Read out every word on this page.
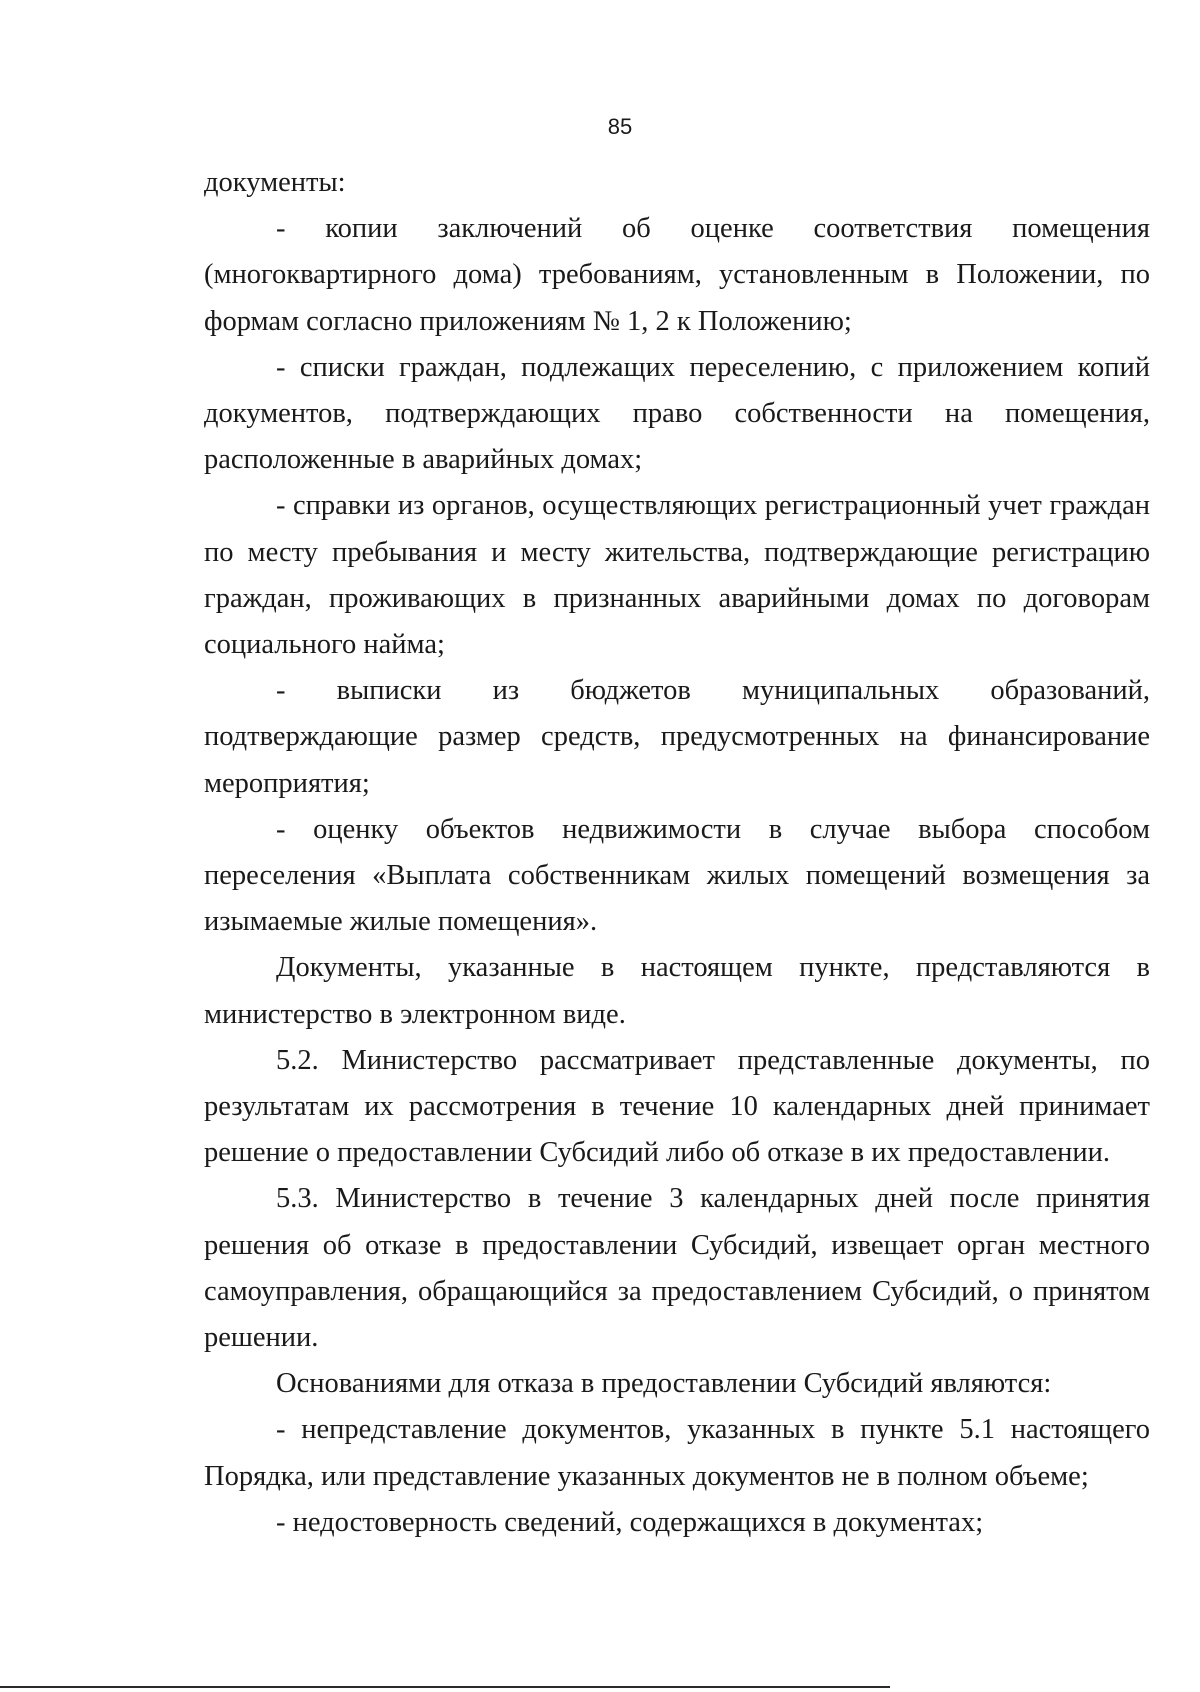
85

документы:

- копии заключений об оценке соответствия помещения (многоквартирного дома) требованиям, установленным в Положении, по формам согласно приложениям № 1, 2 к Положению;

- списки граждан, подлежащих переселению, с приложением копий документов, подтверждающих право собственности на помещения, расположенные в аварийных домах;

- справки из органов, осуществляющих регистрационный учет граждан по месту пребывания и месту жительства, подтверждающие регистрацию граждан, проживающих в признанных аварийными домах по договорам социального найма;

- выписки из бюджетов муниципальных образований, подтверждающие размер средств, предусмотренных на финансирование мероприятия;

- оценку объектов недвижимости в случае выбора способом переселения «Выплата собственникам жилых помещений возмещения за изымаемые жилые помещения».

Документы, указанные в настоящем пункте, представляются в министерство в электронном виде.

5.2. Министерство рассматривает представленные документы, по результатам их рассмотрения в течение 10 календарных дней принимает решение о предоставлении Субсидий либо об отказе в их предоставлении.

5.3. Министерство в течение 3 календарных дней после принятия решения об отказе в предоставлении Субсидий, извещает орган местного самоуправления, обращающийся за предоставлением Субсидий, о принятом решении.

Основаниями для отказа в предоставлении Субсидий являются:

- непредставление документов, указанных в пункте 5.1 настоящего Порядка, или представление указанных документов не в полном объеме;

- недостоверность сведений, содержащихся в документах;
